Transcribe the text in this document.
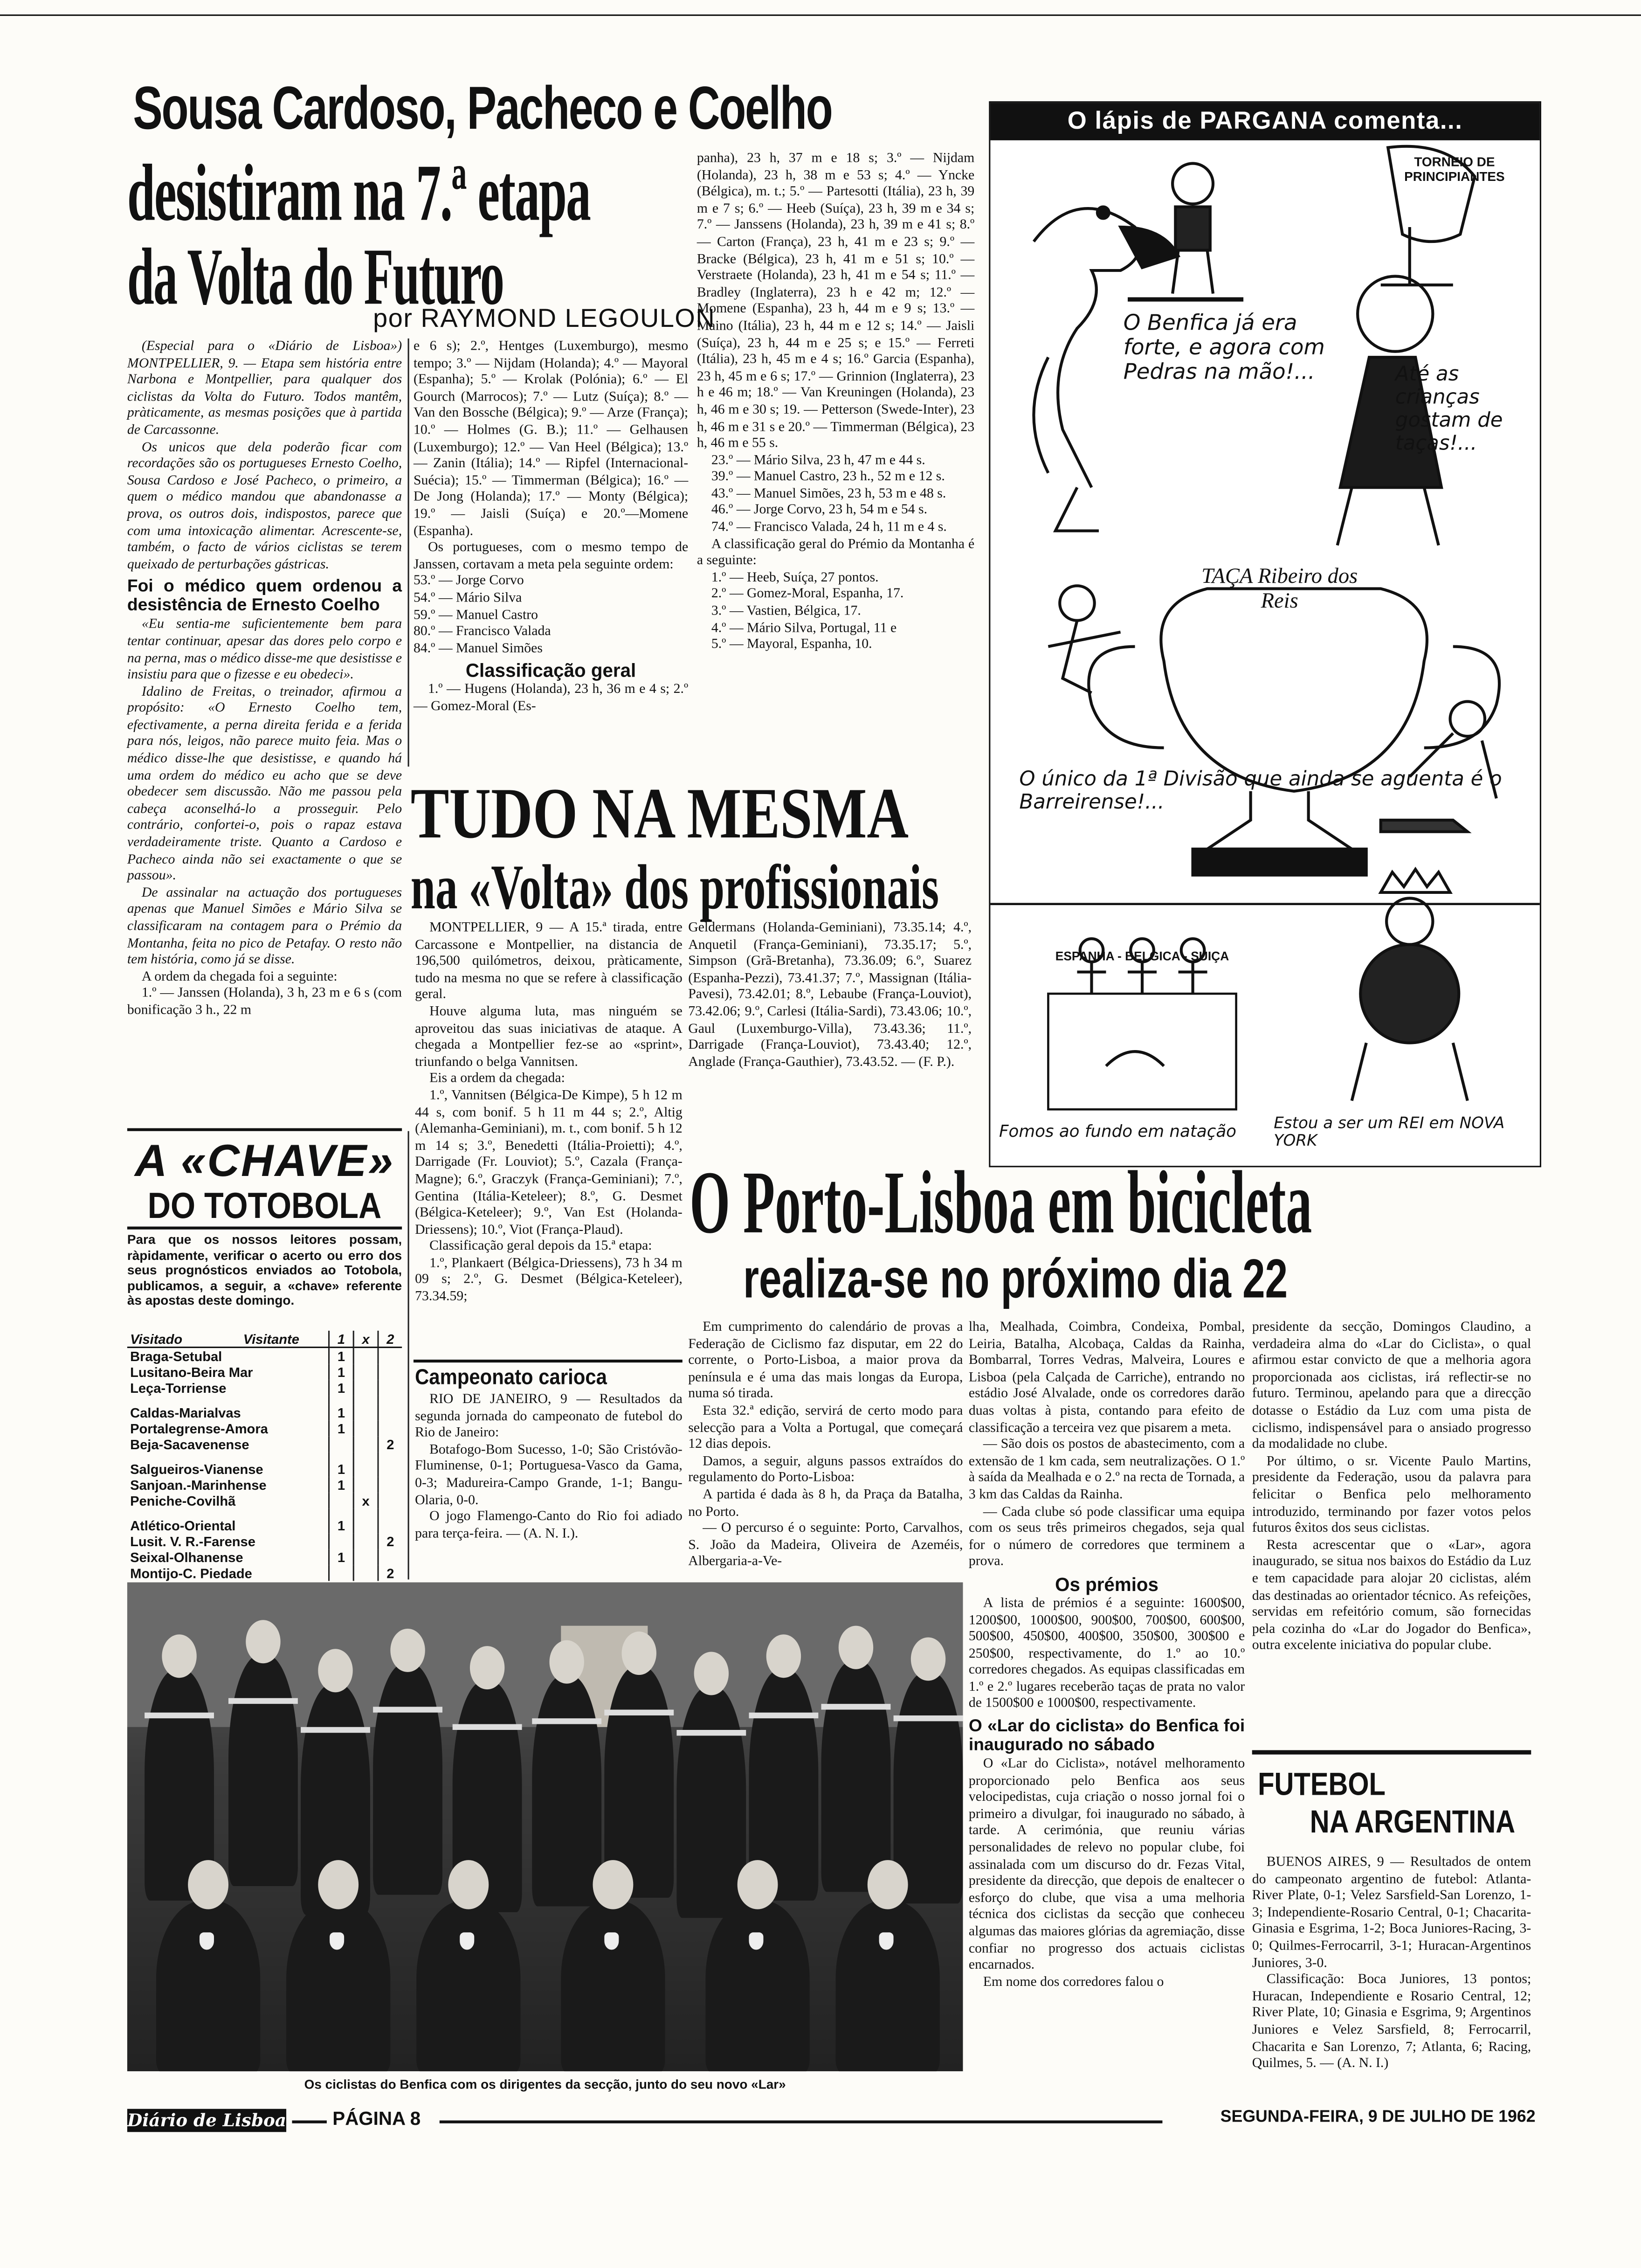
Sousa Cardoso, Pacheco e Coelho
desistiram na 7.ª etapa
da Volta do Futuro
por RAYMOND LEGOULON

(Especial para o «Diário de Lisboa») MONTPELLIER, 9. — Etapa sem história entre Narbona e Montpellier, para qualquer dos ciclistas da Volta do Futuro. Todos mantêm, pràticamente, as mesmas posições que à partida de Carcassonne.

Os unicos que dela poderão ficar com recordações são os portugueses Ernesto Coelho, Sousa Cardoso e José Pacheco, o primeiro, a quem o médico mandou que abandonasse a prova, os outros dois, indispostos, parece que com uma intoxicação alimentar. Acrescente-se, também, o facto de vários ciclistas se terem queixado de perturbações gástricas.

Foi o médico quem ordenou a desistência de Ernesto Coelho

«Eu sentia-me suficientemente bem para tentar continuar, apesar das dores pelo corpo e na perna, mas o médico disse-me que desistisse e insistiu para que o fizesse e eu obedeci».

Idalino de Freitas, o treinador, afirmou a propósito: «O Ernesto Coelho tem, efectivamente, a perna direita ferida e a ferida para nós, leigos, não parece muito feia. Mas o médico disse-lhe que desistisse, e quando há uma ordem do médico eu acho que se deve obedecer sem discussão. Não me passou pela cabeça aconselhá-lo a prosseguir. Pelo contrário, confortei-o, pois o rapaz estava verdadeiramente triste. Quanto a Cardoso e Pacheco ainda não sei exactamente o que se passou».

De assinalar na actuação dos portugueses apenas que Manuel Simões e Mário Silva se classificaram na contagem para o Prémio da Montanha, feita no pico de Petafay. O resto não tem história, como já se disse.

A ordem da chegada foi a seguinte:

1.º — Janssen (Holanda), 3 h, 23 m e 6 s (com bonificação 3 h., 22 m

e 6 s); 2.º, Hentges (Luxemburgo), mesmo tempo; 3.º — Nijdam (Holanda); 4.º — Mayoral (Espanha); 5.º — Krolak (Polónia); 6.º — El Gourch (Marrocos); 7.º — Lutz (Suíça); 8.º — Van den Bossche (Bélgica); 9.º — Arze (França); 10.º — Holmes (G. B.); 11.º — Gelhausen (Luxemburgo); 12.º — Van Heel (Bélgica); 13.º — Zanin (Itália); 14.º — Ripfel (Internacional-Suécia); 15.º — Timmerman (Bélgica); 16.º — De Jong (Holanda); 17.º — Monty (Bélgica); 19.º — Jaisli (Suíça) e 20.º—Momene (Espanha).

Os portugueses, com o mesmo tempo de Janssen, cortavam a meta pela seguinte ordem:

53.º — Jorge Corvo

54.º — Mário Silva

59.º — Manuel Castro

80.º — Francisco Valada

84.º — Manuel Simões

Classificação geral

1.º — Hugens (Holanda), 23 h, 36 m e 4 s; 2.º — Gomez-Moral (Es-

panha), 23 h, 37 m e 18 s; 3.º — Nijdam (Holanda), 23 h, 38 m e 53 s; 4.º — Yncke (Bélgica), m. t.; 5.º — Partesotti (Itália), 23 h, 39 m e 7 s; 6.º — Heeb (Suíça), 23 h, 39 m e 34 s; 7.º — Janssens (Holanda), 23 h, 39 m e 41 s; 8.º — Carton (França), 23 h, 41 m e 23 s; 9.º — Bracke (Bélgica), 23 h, 41 m e 51 s; 10.º — Verstraete (Holanda), 23 h, 41 m e 54 s; 11.º — Bradley (Inglaterra), 23 h e 42 m; 12.º — Momene (Espanha), 23 h, 44 m e 9 s; 13.º — Maino (Itália), 23 h, 44 m e 12 s; 14.º — Jaisli (Suíça), 23 h, 44 m e 25 s; e 15.º — Ferreti (Itália), 23 h, 45 m e 4 s; 16.º Garcia (Espanha), 23 h, 45 m e 6 s; 17.º — Grinnion (Inglaterra), 23 h e 46 m; 18.º — Van Kreuningen (Holanda), 23 h, 46 m e 30 s; 19. — Petterson (Swede-Inter), 23 h, 46 m e 31 s e 20.º — Timmerman (Bélgica), 23 h, 46 m e 55 s.

23.º — Mário Silva, 23 h, 47 m e 44 s.

39.º — Manuel Castro, 23 h., 52 m e 12 s.

43.º — Manuel Simões, 23 h, 53 m e 48 s.

46.º — Jorge Corvo, 23 h, 54 m e 54 s.

74.º — Francisco Valada, 24 h, 11 m e 4 s.

A classificação geral do Prémio da Montanha é a seguinte:

1.º — Heeb, Suíça, 27 pontos.

2.º — Gomez-Moral, Espanha, 17.

3.º — Vastien, Bélgica, 17.

4.º — Mário Silva, Portugal, 11 e

5.º — Mayoral, Espanha, 10.

O lápis de PARGANA comenta...
TORNEIO DE PRINCIPIANTES
O Benfica já era forte, e agora com Pedras na mão!...	Até as crianças gostam de taças!...
TAÇA Ribeiro dos Reis
O único da 1ª Divisão que ainda se aguenta é o Barreirense!...
ESPANHA - BELGICA - SUIÇA
Fomos ao fundo em natação	Estou a ser um REI em NOVA YORK
TUDO NA MESMA
na «Volta» dos profissionais

MONTPELLIER, 9 — A 15.ª tirada, entre Carcassone e Montpellier, na distancia de 196,500 quilómetros, deixou, pràticamente, tudo na mesma no que se refere à classificação geral.

Houve alguma luta, mas ninguém se aproveitou das suas iniciativas de ataque. A chegada a Montpellier fez-se ao «sprint», triunfando o belga Vannitsen.

Eis a ordem da chegada:

1.º, Vannitsen (Bélgica-De Kimpe), 5 h 12 m 44 s, com bonif. 5 h 11 m 44 s; 2.º, Altig (Alemanha-Geminiani), m. t., com bonif. 5 h 12 m 14 s; 3.º, Benedetti (Itália-Proietti); 4.º, Darrigade (Fr. Louviot); 5.º, Cazala (França-Magne); 6.º, Graczyk (França-Geminiani); 7.º, Gentina (Itália-Keteleer); 8.º, G. Desmet (Bélgica-Keteleer); 9.º, Van Est (Holanda-Driessens); 10.º, Viot (França-Plaud).

Classificação geral depois da 15.ª etapa:

1.º, Plankaert (Bélgica-Driessens), 73 h 34 m 09 s; 2.º, G. Desmet (Bélgica-Keteleer), 73.34.59;

Geldermans (Holanda-Geminiani), 73.35.14; 4.º, Anquetil (França-Geminiani), 73.35.17; 5.º, Simpson (Grã-Bretanha), 73.36.09; 6.º, Suarez (Espanha-Pezzi), 73.41.37; 7.º, Massignan (Itália-Pavesi), 73.42.01; 8.º, Lebaube (França-Louviot), 73.42.06; 9.º, Carlesi (Itália-Sardi), 73.43.06; 10.º, Gaul (Luxemburgo-Villa), 73.43.36; 11.º, Darrigade (França-Louviot), 73.43.40; 12.º, Anglade (França-Gauthier), 73.43.52. — (F. P.).

A «CHAVE»
DO TOTOBOLA
Para que os nossos leitores possam, ràpidamente, verificar o acerto ou erro dos seus prognósticos enviados ao Totobola, publicamos, a seguir, a «chave» referente às apostas deste domingo.
Visitado	Visitante	1	x	2
Braga-Setubal		1		
Lusitano-Beira Mar		1		
Leça-Torriense		1		

Caldas-Marialvas		1		
Portalegrense-Amora		1		
Beja-Sacavenense				2

Salgueiros-Vianense		1		
Sanjoan.-Marinhense		1		
Peniche-Covilhã			x	

Atlético-Oriental		1		
Lusit. V. R.-Farense				2
Seixal-Olhanense		1		
Montijo-C. Piedade				2
Campeonato carioca

RIO DE JANEIRO, 9 — Resultados da segunda jornada do campeonato de futebol do Rio de Janeiro:

Botafogo-Bom Sucesso, 1-0; São Cristóvão-Fluminense, 0-1; Portuguesa-Vasco da Gama, 0-3; Madureira-Campo Grande, 1-1; Bangu-Olaria, 0-0.

O jogo Flamengo-Canto do Rio foi adiado para terça-feira. — (A. N. I.).

Os ciclistas do Benfica com os dirigentes da secção, junto do seu novo «Lar»
O Porto-Lisboa em bicicleta
realiza-se no próximo dia 22

Em cumprimento do calendário de provas a Federação de Ciclismo faz disputar, em 22 do corrente, o Porto-Lisboa, a maior prova da península e é uma das mais longas da Europa, numa só tirada.

Esta 32.ª edição, servirá de certo modo para selecção para a Volta a Portugal, que começará 12 dias depois.

Damos, a seguir, alguns passos extraídos do regulamento do Porto-Lisboa:

A partida é dada às 8 h, da Praça da Batalha, no Porto.

— O percurso é o seguinte: Porto, Carvalhos, S. João da Madeira, Oliveira de Azeméis, Albergaria-a-Ve-

lha, Mealhada, Coimbra, Condeixa, Pombal, Leiria, Batalha, Alcobaça, Caldas da Rainha, Bombarral, Torres Vedras, Malveira, Loures e Lisboa (pela Calçada de Carriche), entrando no estádio José Alvalade, onde os corredores darão duas voltas à pista, contando para efeito de classificação a terceira vez que pisarem a meta.

— São dois os postos de abastecimento, com a extensão de 1 km cada, sem neutralizações. O 1.º à saída da Mealhada e o 2.º na recta de Tornada, a 3 km das Caldas da Rainha.

— Cada clube só pode classificar uma equipa com os seus três primeiros chegados, seja qual for o número de corredores que terminem a prova.

Os prémios

A lista de prémios é a seguinte: 1600$00, 1200$00, 1000$00, 900$00, 700$00, 600$00, 500$00, 450$00, 400$00, 350$00, 300$00 e 250$00, respectivamente, do 1.º ao 10.º corredores chegados. As equipas classificadas em 1.º e 2.º lugares receberão taças de prata no valor de 1500$00 e 1000$00, respectivamente.

O «Lar do ciclista» do Benfica foi inaugurado no sábado

O «Lar do Ciclista», notável melhoramento proporcionado pelo Benfica aos seus velocipedistas, cuja criação o nosso jornal foi o primeiro a divulgar, foi inaugurado no sábado, à tarde. A cerimónia, que reuniu várias personalidades de relevo no popular clube, foi assinalada com um discurso do dr. Fezas Vital, presidente da direcção, que depois de enaltecer o esforço do clube, que visa a uma melhoria técnica dos ciclistas da secção que conheceu algumas das maiores glórias da agremiação, disse confiar no progresso dos actuais ciclistas encarnados.

Em nome dos corredores falou o

presidente da secção, Domingos Claudino, a verdadeira alma do «Lar do Ciclista», o qual afirmou estar convicto de que a melhoria agora proporcionada aos ciclistas, irá reflectir-se no futuro. Terminou, apelando para que a direcção dotasse o Estádio da Luz com uma pista de ciclismo, indispensável para o ansiado progresso da modalidade no clube.

Por último, o sr. Vicente Paulo Martins, presidente da Federação, usou da palavra para felicitar o Benfica pelo melhoramento introduzido, terminando por fazer votos pelos futuros êxitos dos seus ciclistas.

Resta acrescentar que o «Lar», agora inaugurado, se situa nos baixos do Estádio da Luz e tem capacidade para alojar 20 ciclistas, além das destinadas ao orientador técnico. As refeições, servidas em refeitório comum, são fornecidas pela cozinha do «Lar do Jogador do Benfica», outra excelente iniciativa do popular clube.

FUTEBOL
NA ARGENTINA

BUENOS AIRES, 9 — Resultados de ontem do campeonato argentino de futebol: Atlanta-River Plate, 0-1; Velez Sarsfield-San Lorenzo, 1-3; Independiente-Rosario Central, 0-1; Chacarita-Ginasia e Esgrima, 1-2; Boca Juniores-Racing, 3-0; Quilmes-Ferrocarril, 3-1; Huracan-Argentinos Juniores, 3-0.

Classificação: Boca Juniores, 13 pontos; Huracan, Independiente e Rosario Central, 12; River Plate, 10; Ginasia e Esgrima, 9; Argentinos Juniores e Velez Sarsfield, 8; Ferrocarril, Chacarita e San Lorenzo, 7; Atlanta, 6; Racing, Quilmes, 5. — (A. N. I.)

Diário de Lisboa	PÁGINA 8	SEGUNDA-FEIRA, 9 DE JULHO DE 1962
